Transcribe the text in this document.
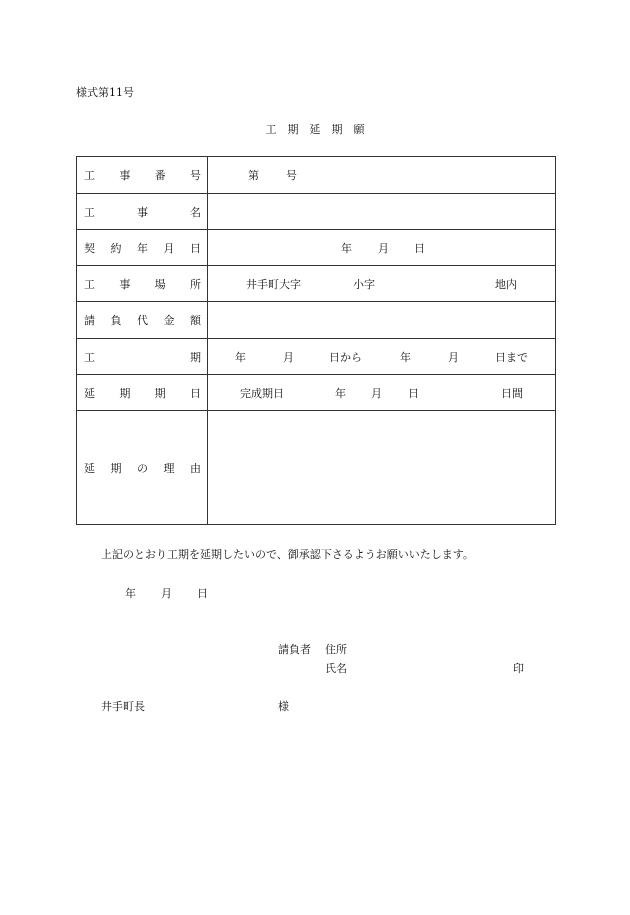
様式第11号
工　期　延　期　願
工事番号	第 号
工事名
契約年月日	年 月 日
工事場所	井手町大字	小字	地内
請負代金額
工期	年	月	日から	年	月	日まで
延期期日	完成期日	年 月 日	日間
延期の理由
上記のとおり工期を延期したいので、御承認下さるようお願いいたします。
年 月 日
請負者 住所
氏名	印
井手町長	様
